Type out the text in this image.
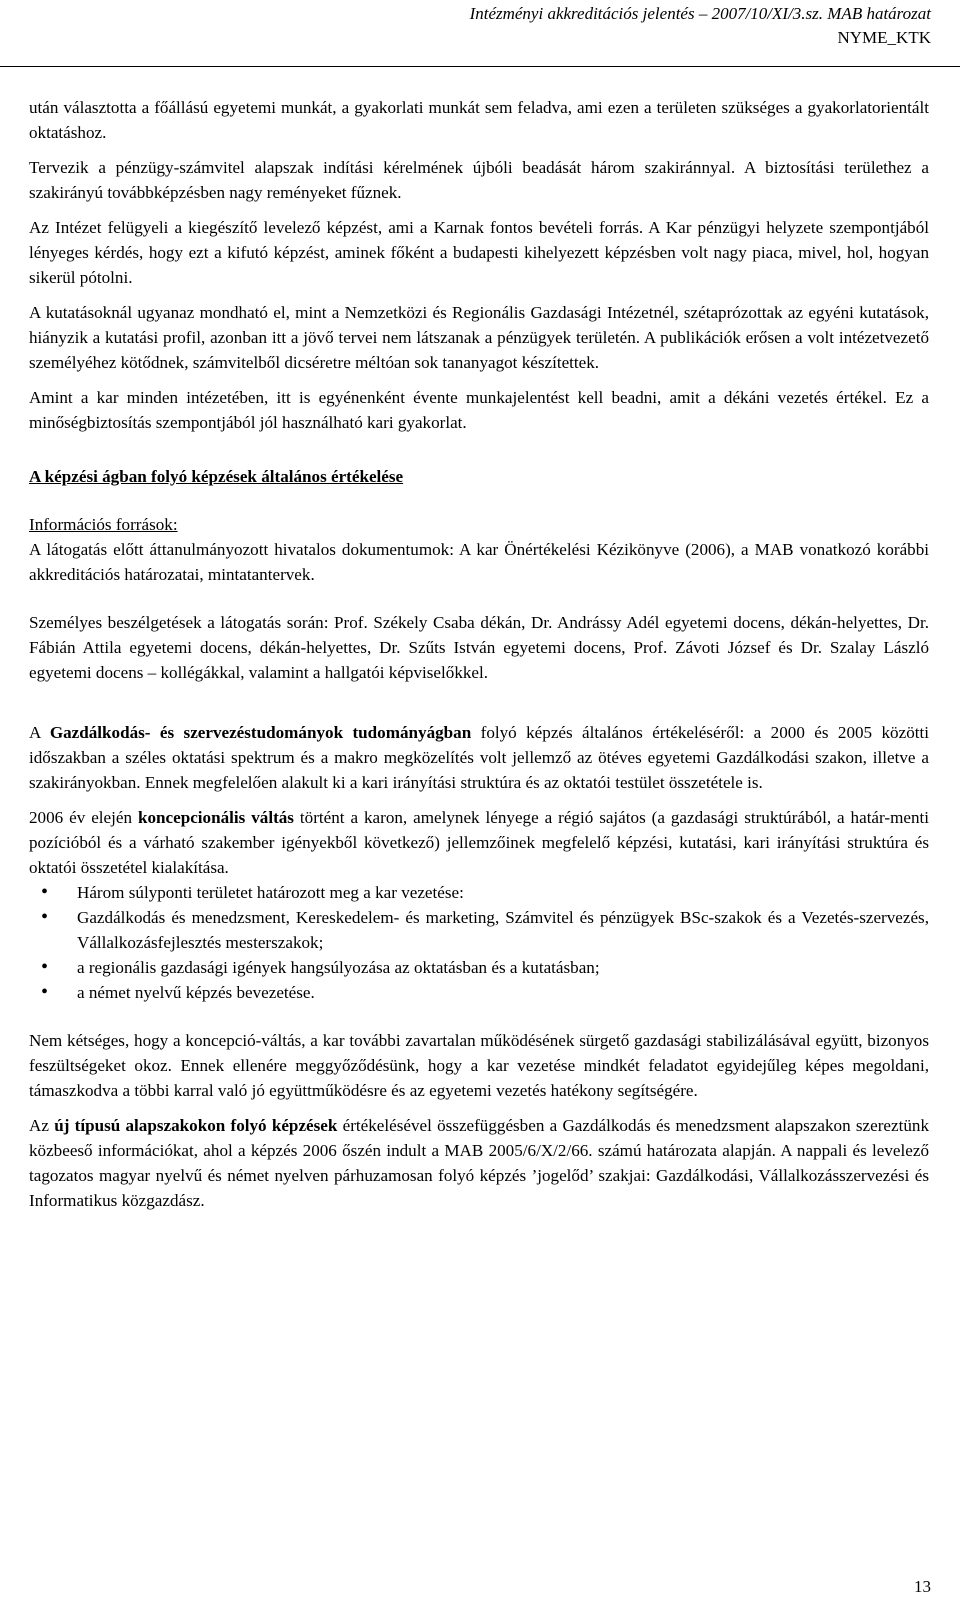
Intézményi akkreditációs jelentés – 2007/10/XI/3.sz. MAB határozat
NYME_KTK

után választotta a főállású egyetemi munkát, a gyakorlati munkát sem feladva, ami ezen a területen szükséges a gyakorlatorientált oktatáshoz.

Tervezik a pénzügy-számvitel alapszak indítási kérelmének újbóli beadását három szakiránnyal. A biztosítási területhez a szakirányú továbbképzésben nagy reményeket fűznek.

Az Intézet felügyeli a kiegészítő levelező képzést, ami a Karnak fontos bevételi forrás. A Kar pénzügyi helyzete szempontjából lényeges kérdés, hogy ezt a kifutó képzést, aminek főként a budapesti kihelyezett képzésben volt nagy piaca, mivel, hol, hogyan sikerül pótolni.

A kutatásoknál ugyanaz mondható el, mint a Nemzetközi és Regionális Gazdasági Intézetnél, szétaprózottak az egyéni kutatások, hiányzik a kutatási profil, azonban itt a jövő tervei nem látszanak a pénzügyek területén. A publikációk erősen a volt intézetvezető személyéhez kötődnek, számvitelből dicséretre méltóan sok tananyagot készítettek.

Amint a kar minden intézetében, itt is egyénenként évente munkajelentést kell beadni, amit a dékáni vezetés értékel. Ez a minőségbiztosítás szempontjából jól használható kari gyakorlat.

A képzési ágban folyó képzések általános értékelése

Információs források:
A látogatás előtt áttanulmányozott hivatalos dokumentumok: A kar Önértékelési Kézikönyve (2006), a MAB vonatkozó korábbi akkreditációs határozatai, mintatantervek.

Személyes beszélgetések a látogatás során: Prof. Székely Csaba dékán, Dr. Andrássy Adél egyetemi docens, dékán-helyettes, Dr. Fábián Attila egyetemi docens, dékán-helyettes, Dr. Szűts István egyetemi docens, Prof. Závoti József és Dr. Szalay László egyetemi docens – kollégákkal, valamint a hallgatói képviselőkkel.

A Gazdálkodás- és szervezéstudományok tudományágban folyó képzés általános értékeléséről: a 2000 és 2005 közötti időszakban a széles oktatási spektrum és a makro megközelítés volt jellemző az ötéves egyetemi Gazdálkodási szakon, illetve a szakirányokban. Ennek megfelelően alakult ki a kari irányítási struktúra és az oktatói testület összetétele is.

2006 év elején koncepcionális váltás történt a karon, amelynek lényege a régió sajátos (a gazdasági struktúrából, a határ-menti pozícióból és a várható szakember igényekből következő) jellemzőinek megfelelő képzési, kutatási, kari irányítási struktúra és oktatói összetétel kialakítása.

• Három súlyponti területet határozott meg a kar vezetése:
• Gazdálkodás és menedzsment, Kereskedelem- és marketing, Számvitel és pénzügyek BSc-szakok és a Vezetés-szervezés, Vállalkozásfejlesztés mesterszakok;
• a regionális gazdasági igények hangsúlyozása az oktatásban és a kutatásban;
• a német nyelvű képzés bevezetése.

Nem kétséges, hogy a koncepció-váltás, a kar további zavartalan működésének sürgető gazdasági stabilizálásával együtt, bizonyos feszültségeket okoz. Ennek ellenére meggyőződésünk, hogy a kar vezetése mindkét feladatot egyidejűleg képes megoldani, támaszkodva a többi karral való jó együttműködésre és az egyetemi vezetés hatékony segítségére.

Az új típusú alapszakokon folyó képzések értékelésével összefüggésben a Gazdálkodás és menedzsment alapszakon szereztünk közbeeső információkat, ahol a képzés 2006 őszén indult a MAB 2005/6/X/2/66. számú határozata alapján. A nappali és levelező tagozatos magyar nyelvű és német nyelven párhuzamosan folyó képzés ’jogelőd’ szakjai: Gazdálkodási, Vállalkozásszervezési és Informatikus közgazdász.

13
